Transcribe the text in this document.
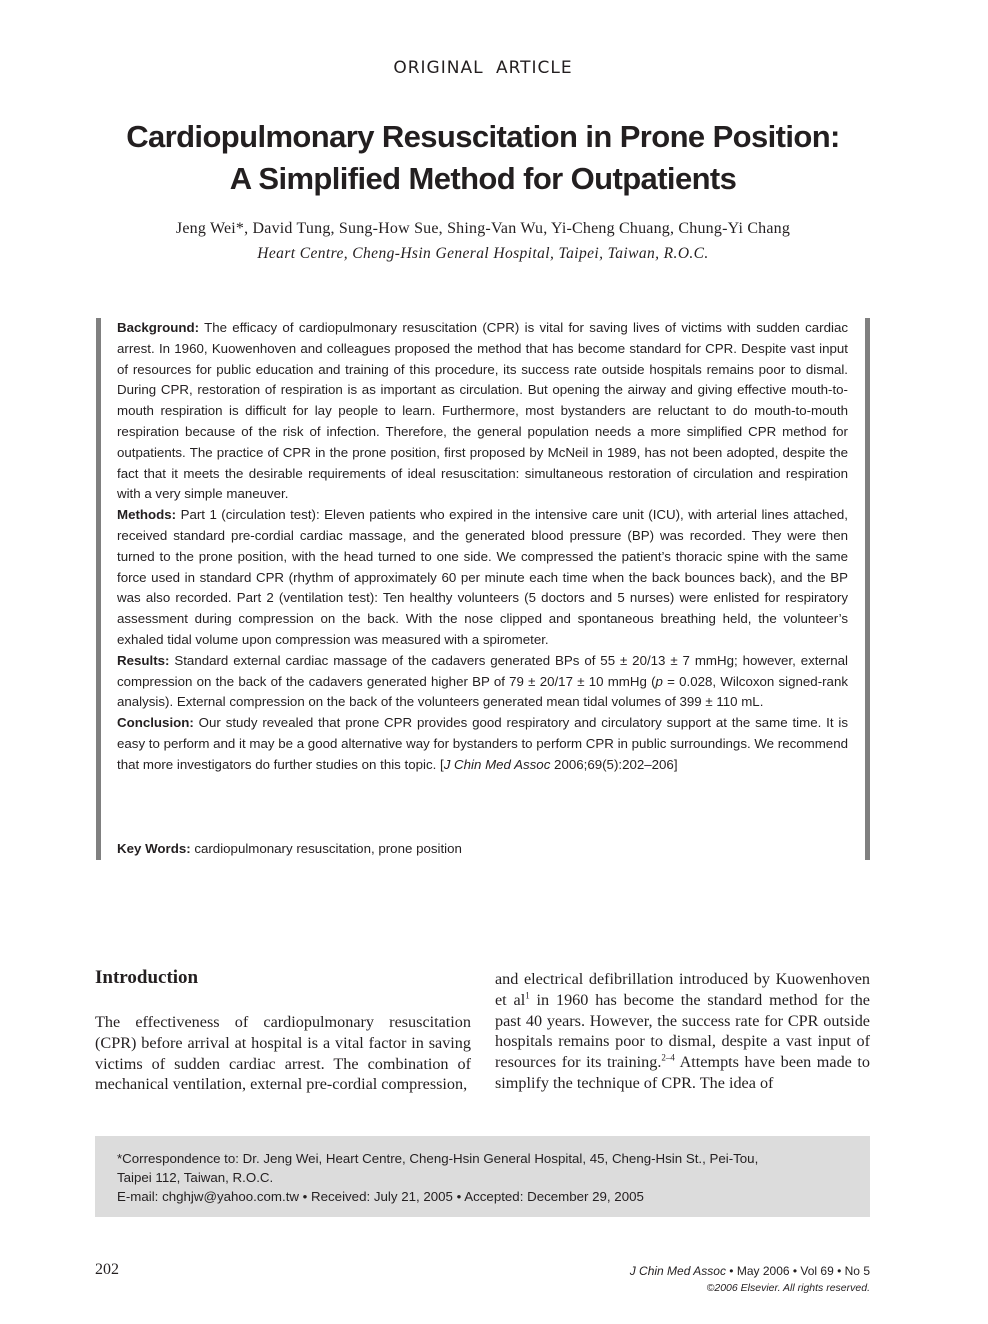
ORIGINAL ARTICLE
Cardiopulmonary Resuscitation in Prone Position:
A Simplified Method for Outpatients
Jeng Wei*, David Tung, Sung-How Sue, Shing-Van Wu, Yi-Cheng Chuang, Chung-Yi Chang
Heart Centre, Cheng-Hsin General Hospital, Taipei, Taiwan, R.O.C.

Background: The efficacy of cardiopulmonary resuscitation (CPR) is vital for saving lives of victims with sudden cardiac arrest. In 1960, Kuowenhoven and colleagues proposed the method that has become standard for CPR. Despite vast input of resources for public education and training of this procedure, its success rate outside hospitals remains poor to dismal. During CPR, restoration of respiration is as important as circulation. But opening the airway and giving effective mouth-to-mouth respiration is difficult for lay people to learn. Furthermore, most bystanders are reluctant to do mouth-to-mouth respiration because of the risk of infection. Therefore, the general population needs a more simplified CPR method for outpatients. The practice of CPR in the prone position, first proposed by McNeil in 1989, has not been adopted, despite the fact that it meets the desirable requirements of ideal resuscitation: simultaneous restoration of circulation and respiration with a very simple maneuver.

Methods: Part 1 (circulation test): Eleven patients who expired in the intensive care unit (ICU), with arterial lines attached, received standard pre-cordial cardiac massage, and the generated blood pressure (BP) was recorded. They were then turned to the prone position, with the head turned to one side. We compressed the patient’s thoracic spine with the same force used in standard CPR (rhythm of approximately 60 per minute each time when the back bounces back), and the BP was also recorded. Part 2 (ventilation test): Ten healthy volunteers (5 doctors and 5 nurses) were enlisted for respiratory assessment during compression on the back. With the nose clipped and spontaneous breathing held, the volunteer’s exhaled tidal volume upon compression was measured with a spirometer.

Results: Standard external cardiac massage of the cadavers generated BPs of 55 ± 20/13 ± 7 mmHg; however, external compression on the back of the cadavers generated higher BP of 79 ± 20/17 ± 10 mmHg (p = 0.028, Wilcoxon signed-rank analysis). External compression on the back of the volunteers generated mean tidal volumes of 399 ± 110 mL.

Conclusion: Our study revealed that prone CPR provides good respiratory and circulatory support at the same time. It is easy to perform and it may be a good alternative way for bystanders to perform CPR in public surroundings. We recommend that more investigators do further studies on this topic. [J Chin Med Assoc 2006;69(5):202–206]

Key Words: cardiopulmonary resuscitation, prone position
Introduction

The effectiveness of cardiopulmonary resuscitation (CPR) before arrival at hospital is a vital factor in saving victims of sudden cardiac arrest. The combination of mechanical ventilation, external pre-cordial compression,

and electrical defibrillation introduced by Kuowenhoven et $al^1$ in 1960 has become the standard method for the past 40 years. However, the success rate for CPR outside hospitals remains poor to dismal, despite a vast input of resources for its training.$^{2-4}$ Attempts have been made to simplify the technique of CPR. The idea of

*Correspondence to: Dr. Jeng Wei, Heart Centre, Cheng-Hsin General Hospital, 45, Cheng-Hsin St., Pei-Tou,
Taipei 112, Taiwan, R.O.C.
E-mail: chghjw@yahoo.com.tw • Received: July 21, 2005 • Accepted: December 29, 2005
202	J Chin Med Assoc • May 2006 • Vol 69 • No 5
©2006 Elsevier. All rights reserved.
